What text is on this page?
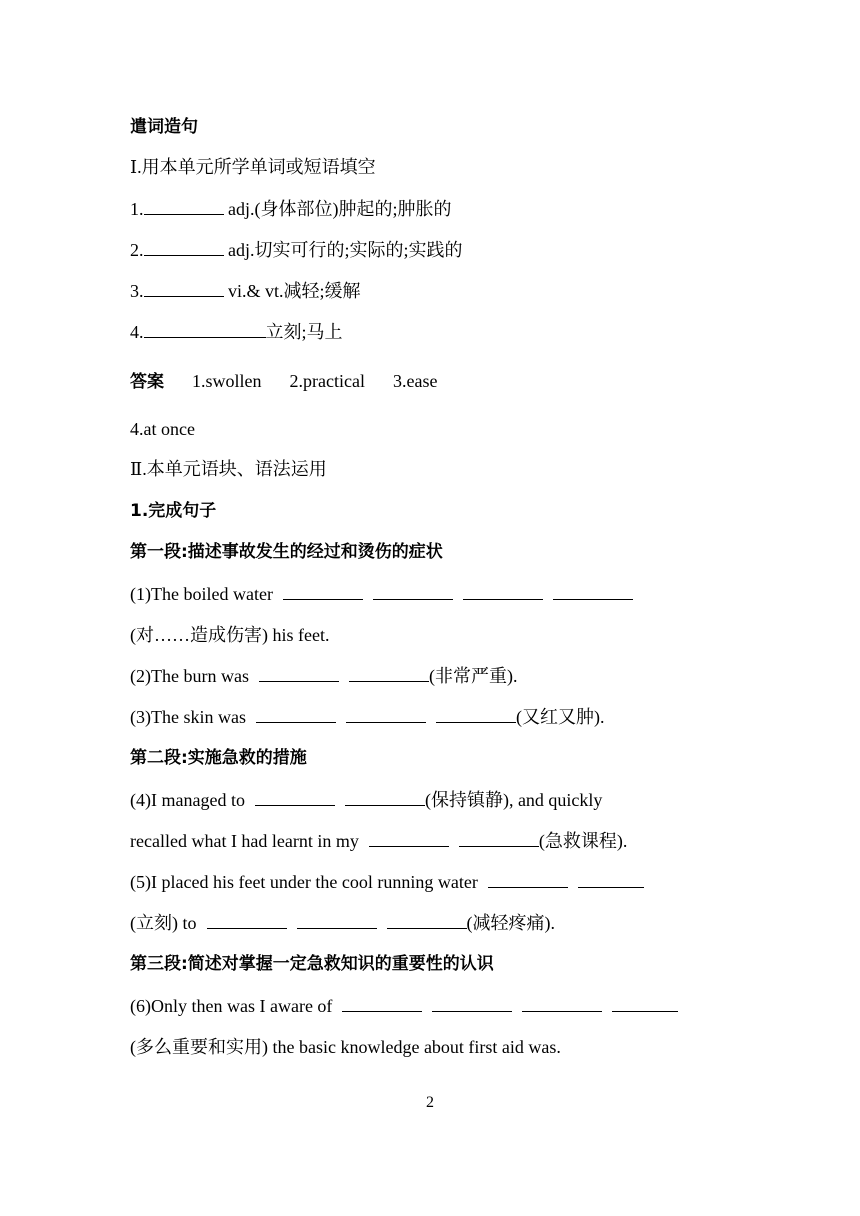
遣词造句
Ⅰ.用本单元所学单词或短语填空
1.	adj.(身体部位)肿起的;肿胀的
2.	adj.切实可行的;实际的;实践的
3.	vi.& vt.减轻;缓解
4.	立刻;马上
答案 1.swollen 2.practical 3.ease
4.at once
Ⅱ.本单元语块、语法运用
1.完成句子
第一段:描述事故发生的经过和烫伤的症状
(1)The boiled water
(对……造成伤害) his feet.
(2)The burn was	(非常严重).
(3)The skin was	(又红又肿).
第二段:实施急救的措施
(4)I managed to	(保持镇静), and quickly
recalled what I had learnt in my	(急救课程).
(5)I placed his feet under the cool running water
(立刻) to	(减轻疼痛).
第三段:简述对掌握一定急救知识的重要性的认识
(6)Only then was I aware of
(多么重要和实用) the basic knowledge about first aid was.
2
